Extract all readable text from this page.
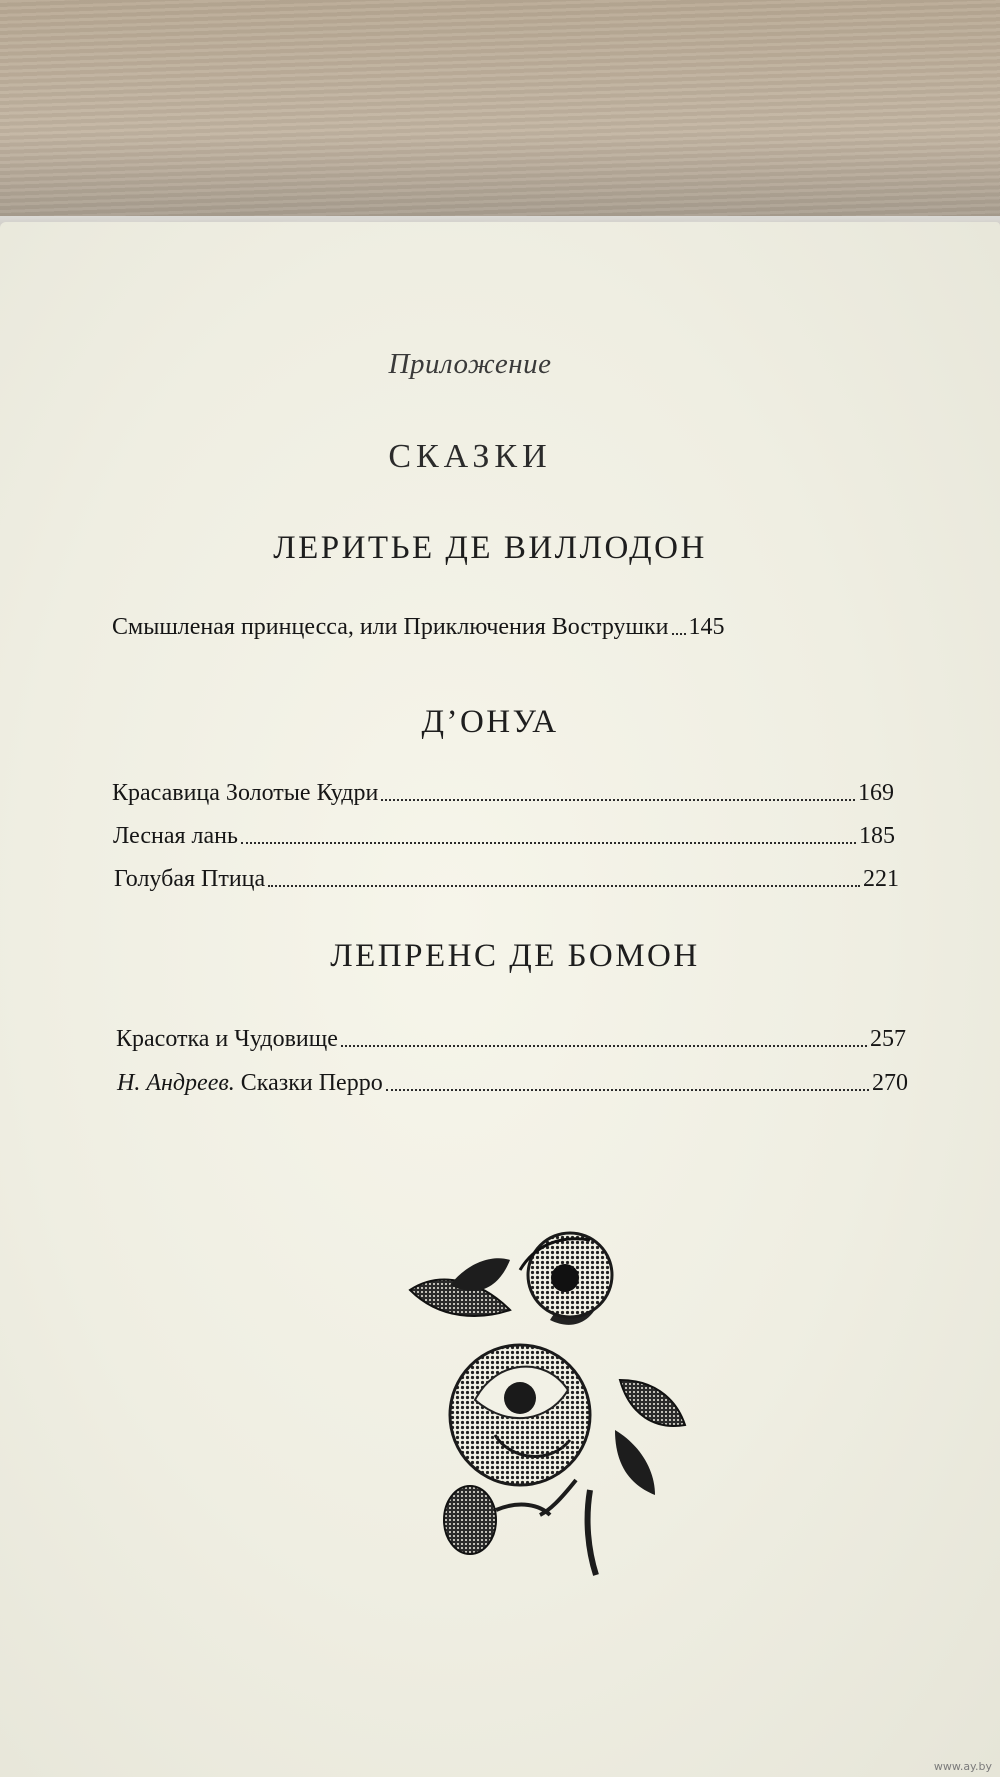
Приложение
СКАЗКИ
ЛЕРИТЬЕ ДЕ ВИЛЛОДОН
Смышленая принцесса, или Приключения Вострушки 145
Д’ОНУА
Красавица Золотые Кудри	169
Лесная лань	185
Голубая Птица	221
ЛЕПРЕНС ДЕ БОМОН
Красотка и Чудовище	257
Н. Андреев. Сказки Перро	270
www.ay.by
